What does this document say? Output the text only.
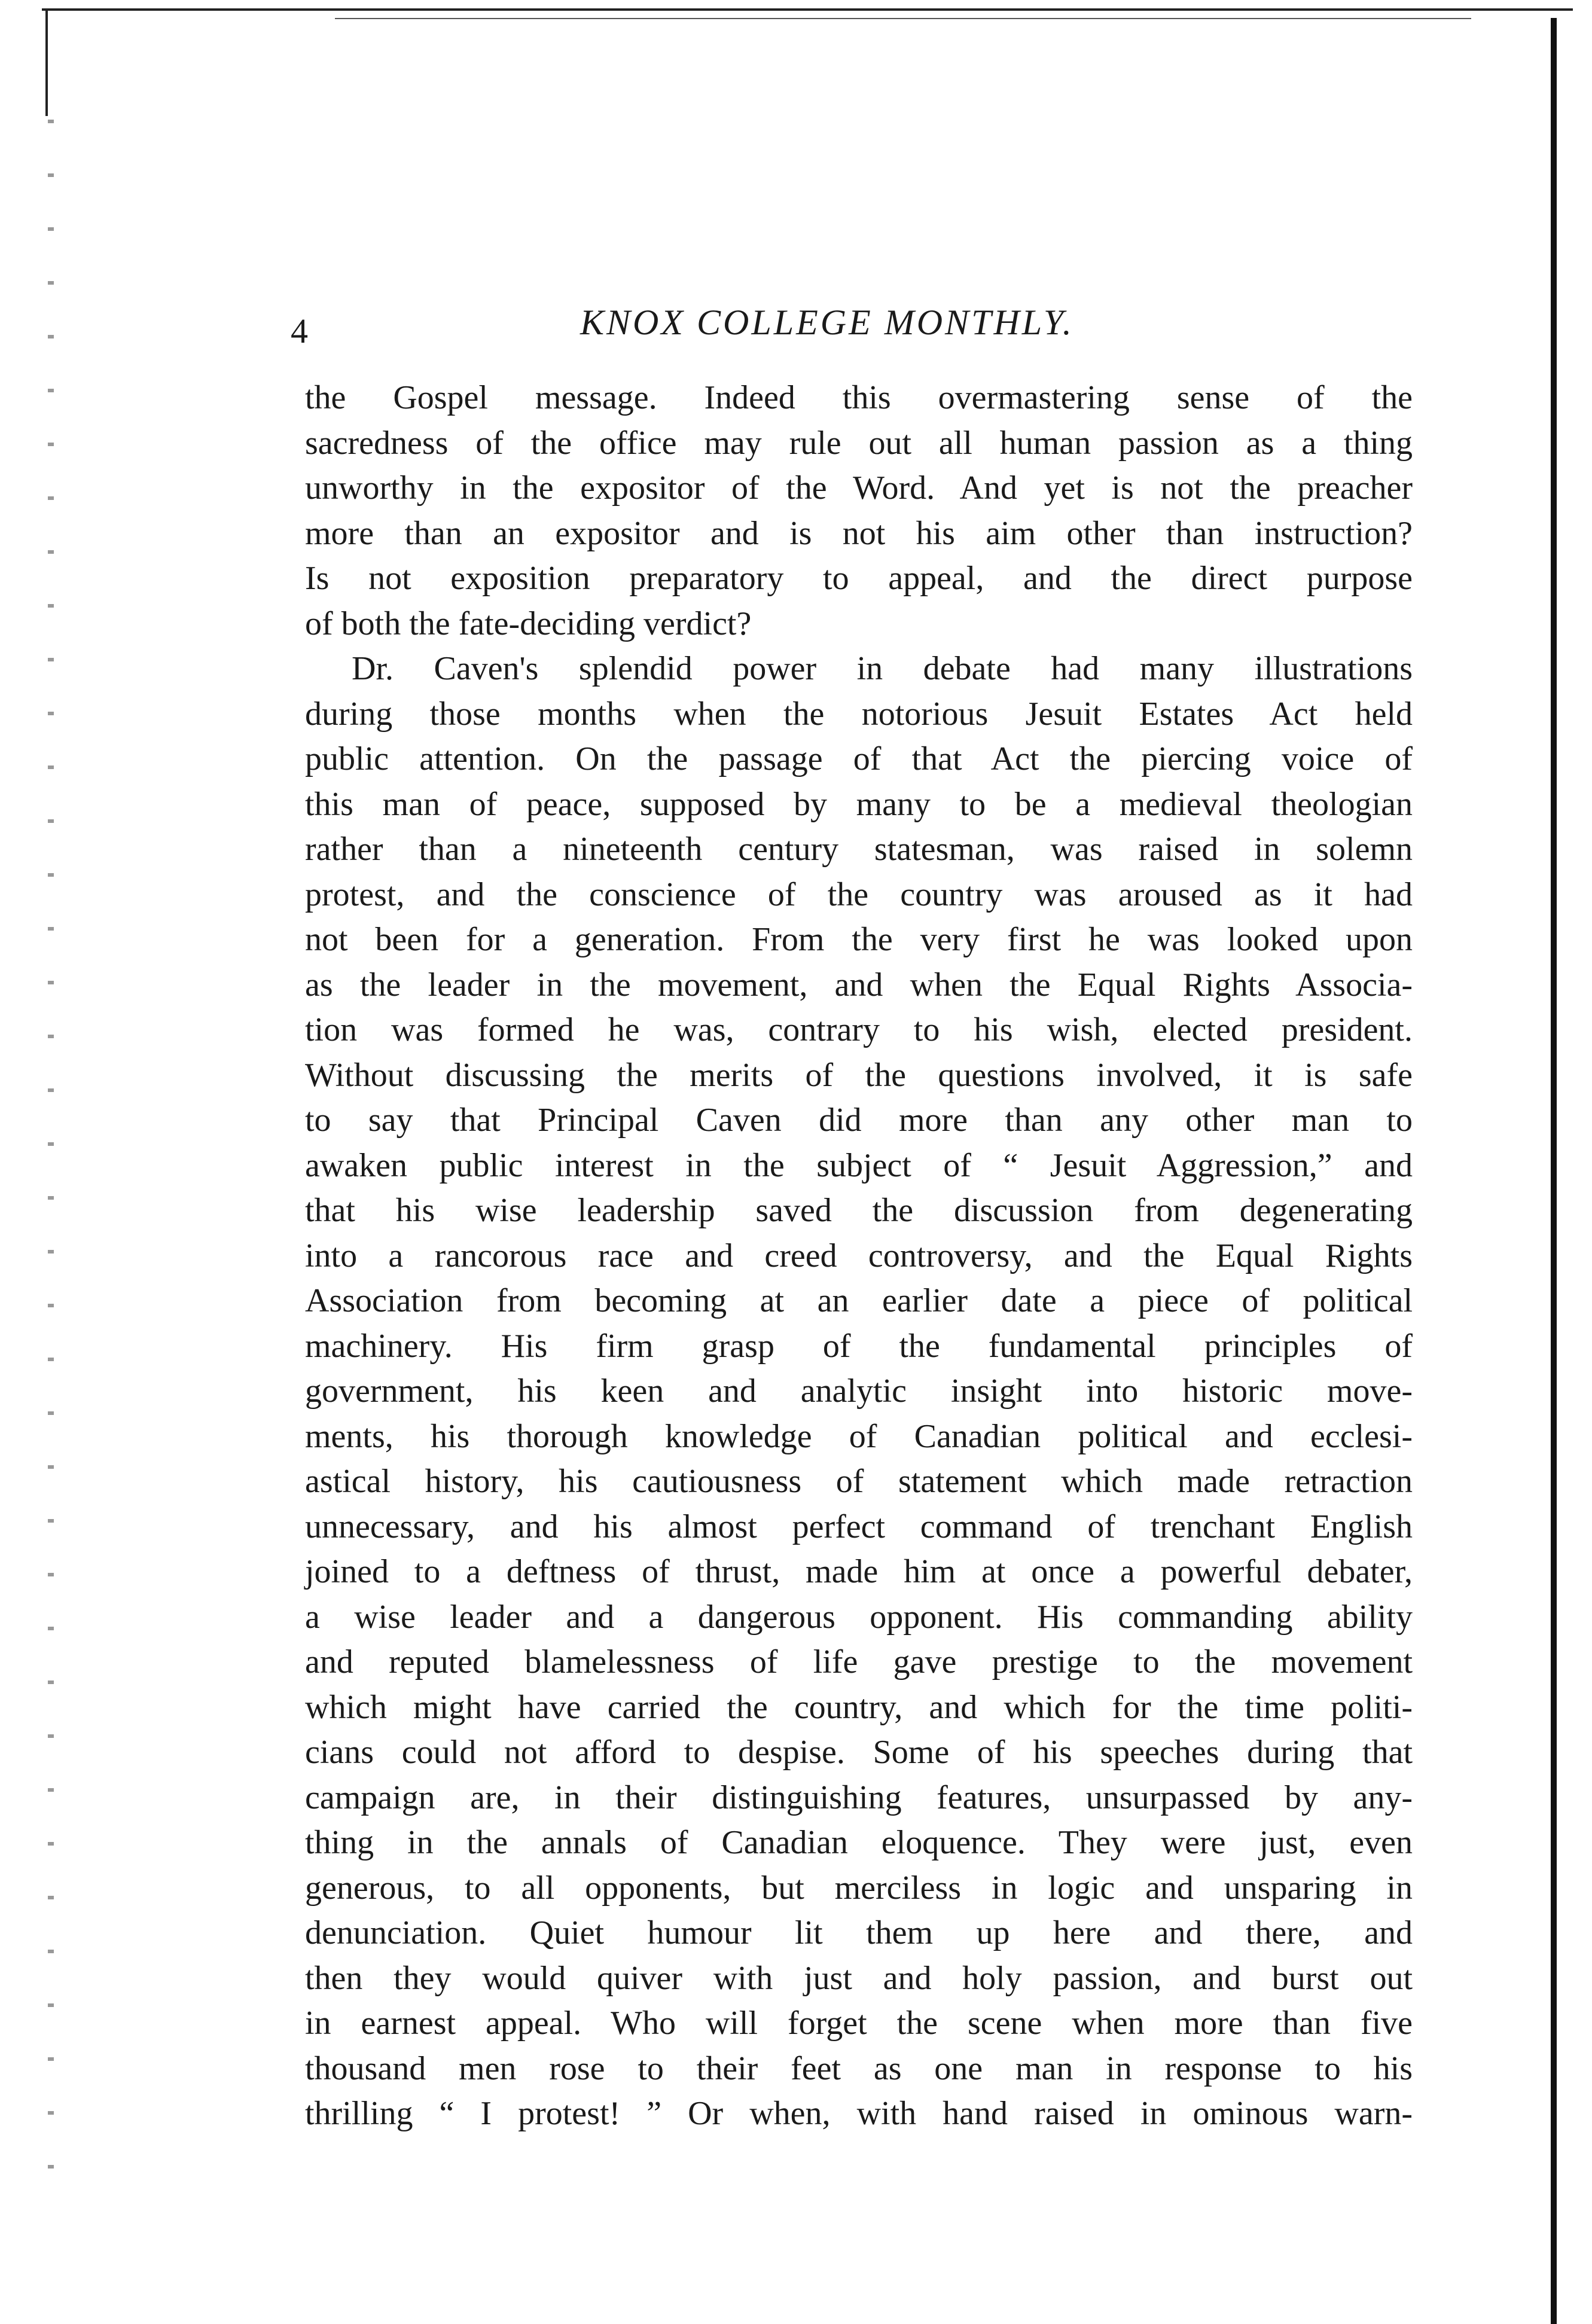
4	KNOX COLLEGE MONTHLY.
the Gospel message. Indeed this overmastering sense of the
sacredness of the office may rule out all human passion as a thing
unworthy in the expositor of the Word. And yet is not the preacher
more than an expositor and is not his aim other than instruction?
Is not exposition preparatory to appeal, and the direct purpose
of both the fate-deciding verdict?
Dr. Caven's splendid power in debate had many illustrations
during those months when the notorious Jesuit Estates Act held
public attention. On the passage of that Act the piercing voice of
this man of peace, supposed by many to be a medieval theologian
rather than a nineteenth century statesman, was raised in solemn
protest, and the conscience of the country was aroused as it had
not been for a generation. From the very first he was looked upon
as the leader in the movement, and when the Equal Rights Associa-
tion was formed he was, contrary to his wish, elected president.
Without discussing the merits of the questions involved, it is safe
to say that Principal Caven did more than any other man to
awaken public interest in the subject of “ Jesuit Aggression,” and
that his wise leadership saved the discussion from degenerating
into a rancorous race and creed controversy, and the Equal Rights
Association from becoming at an earlier date a piece of political
machinery. His firm grasp of the fundamental principles of
government, his keen and analytic insight into historic move-
ments, his thorough knowledge of Canadian political and ecclesi-
astical history, his cautiousness of statement which made retraction
unnecessary, and his almost perfect command of trenchant English
joined to a deftness of thrust, made him at once a powerful debater,
a wise leader and a dangerous opponent. His commanding ability
and reputed blamelessness of life gave prestige to the movement
which might have carried the country, and which for the time politi-
cians could not afford to despise. Some of his speeches during that
campaign are, in their distinguishing features, unsurpassed by any-
thing in the annals of Canadian eloquence. They were just, even
generous, to all opponents, but merciless in logic and unsparing in
denunciation. Quiet humour lit them up here and there, and
then they would quiver with just and holy passion, and burst out
in earnest appeal. Who will forget the scene when more than five
thousand men rose to their feet as one man in response to his
thrilling “ I protest! ” Or when, with hand raised in ominous warn-
